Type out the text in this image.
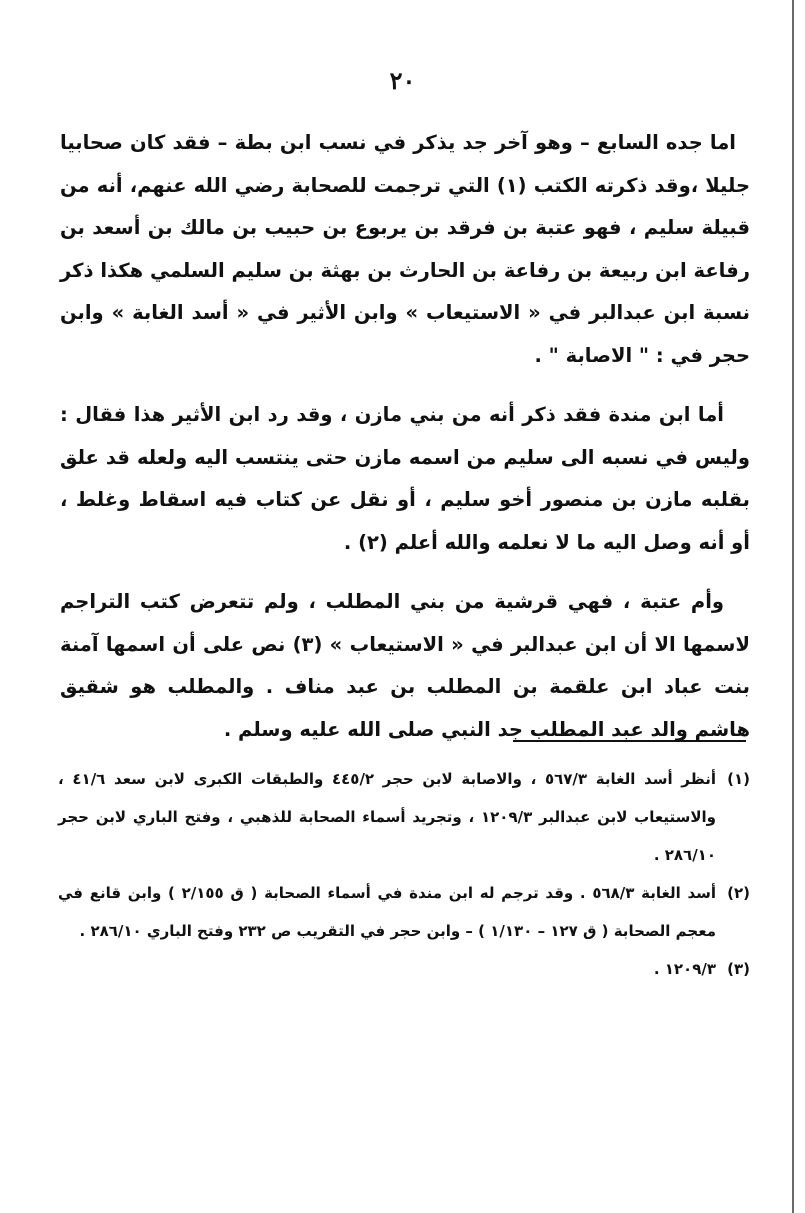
٢٠

اما جده السابع – وهو آخر جد يذكر في نسب ابن بطة – فقد كان صحابيا جليلا ،وقد ذكرته الكتب (١) التي ترجمت للصحابة رضي الله عنهم، أنه من قبيلة سليم ، فهو عتبة بن فرقد بن يربوع بن حبيب بن مالك بن أسعد بن رفاعة ابن ربيعة بن رفاعة بن الحارث بن بهثة بن سليم السلمي هكذا ذكر نسبة ابن عبدالبر في « الاستيعاب » وابن الأثير في « أسد الغابة » وابن حجر في : " الاصابة " .

أما ابن مندة فقد ذكر أنه من بني مازن ، وقد رد ابن الأثير هذا فقال : وليس في نسبه الى سليم من اسمه مازن حتى ينتسب اليه ولعله قد علق بقلبه مازن بن منصور أخو سليم ، أو نقل عن كتاب فيه اسقاط وغلط ، أو أنه وصل اليه ما لا نعلمه والله أعلم (٢) .

وأم عتبة ، فهي قرشية من بني المطلب ، ولم تتعرض كتب التراجم لاسمها الا أن ابن عبدالبر في « الاستيعاب » (٣) نص على أن اسمها آمنة بنت عباد ابن علقمة بن المطلب بن عبد مناف . والمطلب هو شقيق هاشم والد عبد المطلب جد النبي صلى الله عليه وسلم .

(١)
أنظر أسد الغابة ٥٦٧/٣ ، والاصابة لابن حجر ٤٤٥/٢ والطبقات الكبرى لابن سعد ٤١/٦ ، والاستيعاب لابن عبدالبر ١٢٠٩/٣ ، وتجريد أسماء الصحابة للذهبي ، وفتح الباري لابن حجر ٢٨٦/١٠ .
(٢)
أسد الغابة ٥٦٨/٣ . وقد ترجم له ابن مندة في أسماء الصحابة ( ق ٢/١٥٥ ) وابن قانع في معجم الصحابة ( ق ١٢٧ – ١/١٣٠ ) – وابن حجر في التقريب ص ٢٣٢ وفتح الباري ٢٨٦/١٠ .
(٣)
١٢٠٩/٣ .
